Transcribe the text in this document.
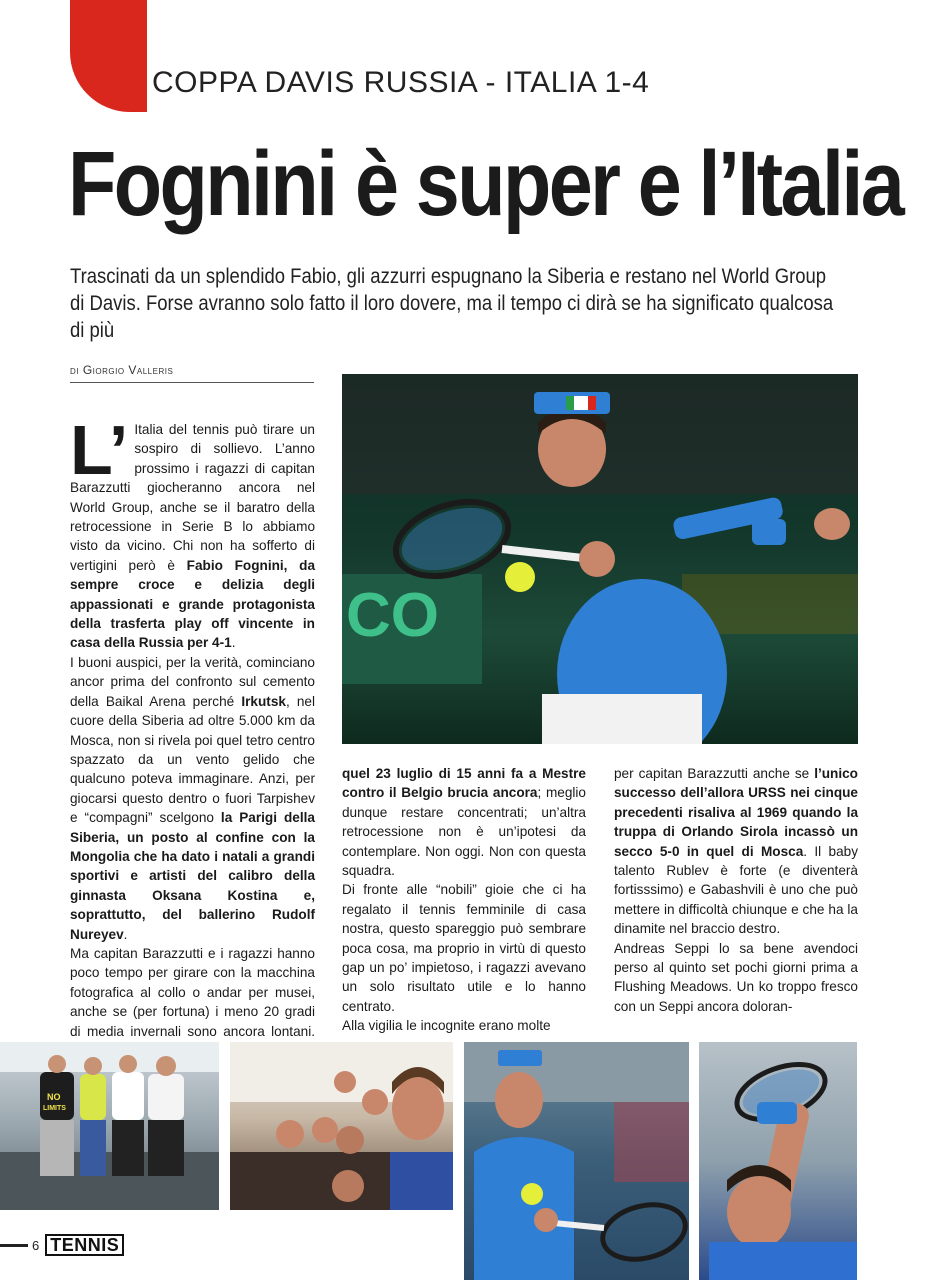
COPPA DAVIS RUSSIA - ITALIA 1-4
Fognini è super e l’Italia
Trascinati da un splendido Fabio, gli azzurri espugnano la Siberia e restano nel World Group di Davis. Forse avranno solo fatto il loro dovere, ma il tempo ci dirà se ha significato qualcosa di più
di Giorgio Valleris

L’ Italia del tennis può tirare un sospiro di sollievo. L’anno prossimo i ragazzi di capitan Barazzutti giocheranno ancora nel World Group, anche se il baratro della retrocessione in Serie B lo abbiamo visto da vicino. Chi non ha sofferto di vertigini però è Fabio Fognini, da sempre croce e delizia degli appassionati e grande protagonista della trasferta play off vincente in casa della Russia per 4-1.

I buoni auspici, per la verità, cominciano ancor prima del confronto sul cemento della Baikal Arena perché Irkutsk, nel cuore della Siberia ad oltre 5.000 km da Mosca, non si rivela poi quel tetro centro spazzato da un vento gelido che qualcuno poteva immaginare. Anzi, per giocarsi questo dentro o fuori Tarpishev e “compagni” scelgono la Parigi della Siberia, un posto al confine con la Mongolia che ha dato i natali a grandi sportivi e artisti del calibro della ginnasta Oksana Kostina e, soprattutto, del ballerino Rudolf Nureyev.

Ma capitan Barazzutti e i ragazzi hanno poco tempo per girare con la macchina fotografica al collo o andar per musei, anche se (per fortuna) i meno 20 gradi di media invernali sono ancora lontani.

CO

quel 23 luglio di 15 anni fa a Mestre contro il Belgio brucia ancora; meglio dunque restare concentrati; un’altra retrocessione non è un’ipotesi da contemplare. Non oggi. Non con questa squadra.

Di fronte alle “nobili” gioie che ci ha regalato il tennis femminile di casa nostra, questo spareggio può sembrare poca cosa, ma proprio in virtù di questo gap un po’ impietoso, i ragazzi avevano un solo risultato utile e lo hanno centrato.

Alla vigilia le incognite erano molte

per capitan Barazzutti anche se l’unico successo dell’allora URSS nei cinque precedenti risaliva al 1969 quando la truppa di Orlando Sirola incassò un secco 5-0 in quel di Mosca. Il baby talento Rublev è forte (e diventerà fortisssimo) e Gabashvili è uno che può mettere in difficoltà chiunque e che ha la dinamite nel braccio destro.

Andreas Seppi lo sa bene avendoci perso al quinto set pochi giorni prima a Flushing Meadows. Un ko troppo fresco con un Seppi ancora doloran-

NO
LIMITS
6 TENNIS
